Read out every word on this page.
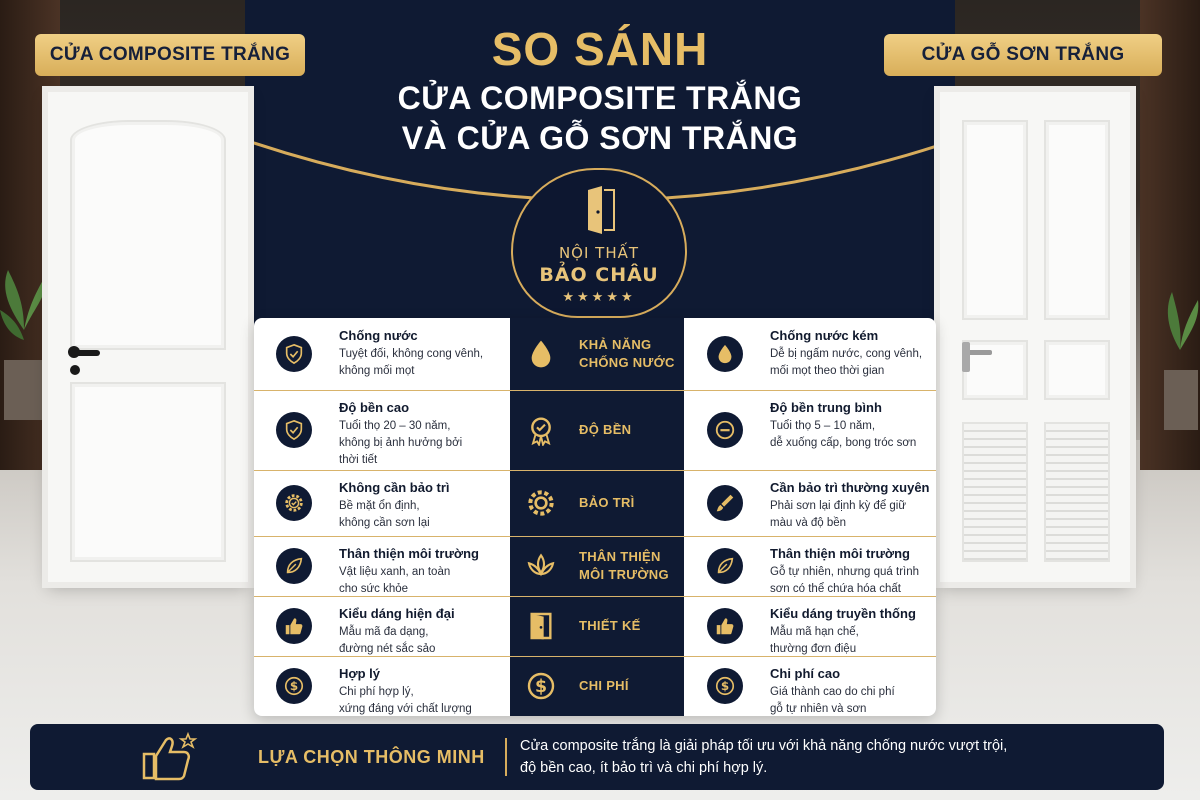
CỬA COMPOSITE TRẮNG	CỬA GỖ SƠN TRẮNG
SO SÁNH
CỬA COMPOSITE TRẮNG
VÀ CỬA GỖ SƠN TRẮNG
NỘI THẤT
BẢO CHÂU
★★★★★
Chống nước
Tuyệt đối, không cong vênh,
không mối mọt
KHẢ NĂNG
CHỐNG NƯỚC
Chống nước kém
Dễ bị ngấm nước, cong vênh,
mối mọt theo thời gian
Độ bền cao
Tuổi thọ 20 – 30 năm,
không bị ảnh hưởng bởi
thời tiết
ĐỘ BỀN
Độ bền trung bình
Tuổi thọ 5 – 10 năm,
dễ xuống cấp, bong tróc sơn
Không cần bảo trì
Bề mặt ổn định,
không cần sơn lại
BẢO TRÌ
Cần bảo trì thường xuyên
Phải sơn lại định kỳ để giữ
màu và độ bền
Thân thiện môi trường
Vật liệu xanh, an toàn
cho sức khỏe
THÂN THIỆN
MÔI TRƯỜNG
Thân thiện môi trường
Gỗ tự nhiên, nhưng quá trình
sơn có thể chứa hóa chất
Kiểu dáng hiện đại
Mẫu mã đa dạng,
đường nét sắc sảo
THIẾT KẾ
Kiểu dáng truyền thống
Mẫu mã hạn chế,
thường đơn điệu
$
Hợp lý
Chi phí hợp lý,
xứng đáng với chất lượng
$ CHI PHÍ	$
Chi phí cao
Giá thành cao do chi phí
gỗ tự nhiên và sơn
LỰA CHỌN THÔNG MINH
Cửa composite trắng là giải pháp tối ưu với khả năng chống nước vượt trội,
độ bền cao, ít bảo trì và chi phí hợp lý.
